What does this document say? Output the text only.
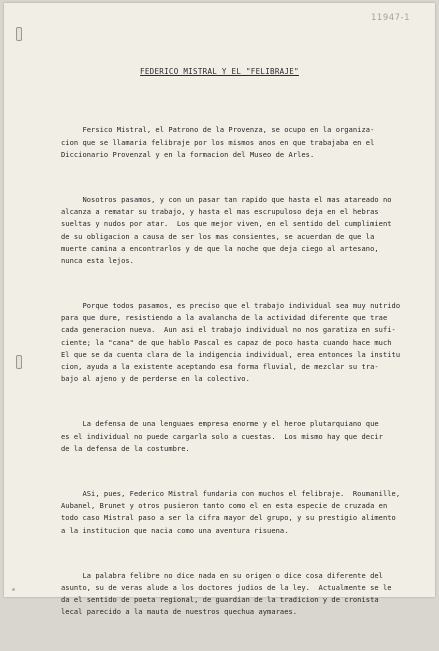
11947-1
FEDERICO MISTRAL Y EL "FELIBRAJE"

Fersico Mistral, el Patrono de la Provenza, se ocupo en la organiza-
cion que se llamaria felibraje por los mismos anos en que trabajaba en el
Diccionario Provenzal y en la formacion del Museo de Arles.

Nosotros pasamos, y con un pasar tan rapido que hasta el mas atareado no
alcanza a rematar su trabajo, y hasta el mas escrupuloso deja en el hebras
sueltas y nudos por atar.  Los que mejor viven, en el sentido del cumplimient
de su obligacion a causa de ser los mas consientes, se acuerdan de que la
muerte camina a encontrarlos y de que la noche que deja ciego al artesano,
nunca esta lejos.

Porque todos pasamos, es preciso que el trabajo individual sea muy nutrido
para que dure, resistiendo a la avalancha de la actividad diferente que trae
cada generacion nueva.  Aun asi el trabajo individual no nos garatiza en sufi-
ciente; la "cana" de que hablo Pascal es capaz de poco hasta cuando hace much
El que se da cuenta clara de la indigencia individual, erea entonces la institu
cion, ayuda a la existente aceptando esa forma fluvial, de mezclar su tra-
bajo al ajeno y de perderse en la colectivo.

La defensa de una lenguaes empresa enorme y el heroe plutarquiano que
es el individual no puede cargarla solo a cuestas.  Los mismo hay que decir
de la defensa de la costumbre.

ASi, pues, Federico Mistral fundaria con muchos el felibraje.  Roumanille,
Aubanel, Brunet y otros pusieron tanto como el en esta especie de cruzada en
todo caso Mistral paso a ser la cifra mayor del grupo, y su prestigio alimento
a la institucion que nacia como una aventura risuena.

La palabra felibre no dice nada en su origen o dice cosa diferente del
asunto, su de veras alude a los doctores judios de la ley.  Actualmente se le
da el sentido de poeta regional, de guardian de la tradicion y de cronista
lecal parecido a la mauta de nuestros quechua aymaraes.
